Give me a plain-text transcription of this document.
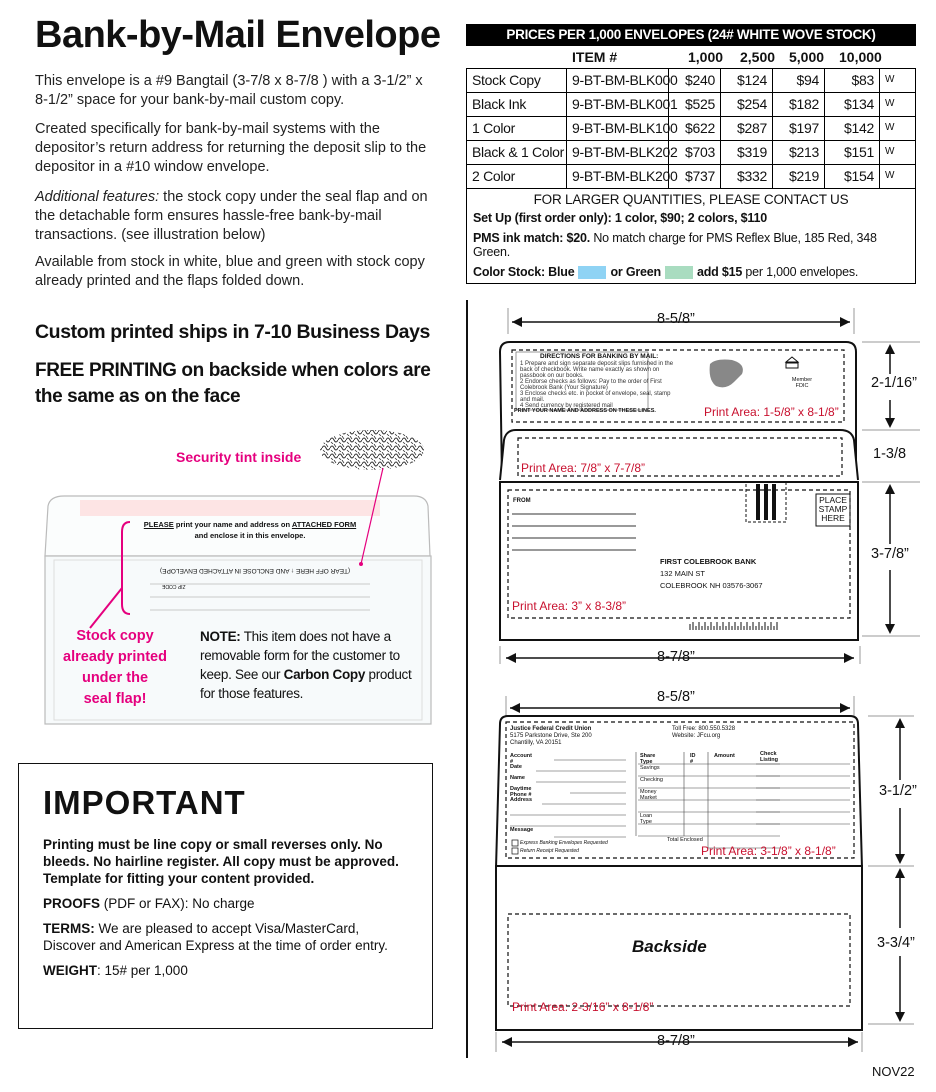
Bank-by-Mail Envelope
This envelope is a #9 Bangtail (3-7/8 x 8-7/8 ) with a 3-1/2” x 8-1/2” space for your bank-by-mail custom copy.
Created specifically for bank-by-mail systems with the depositor’s return address for returning the deposit slip to the depositor in a #10 window envelope.
Additional features: the stock copy under the seal flap and on the detachable form ensures hassle-free bank-by-mail transactions. (see illustration below)
Available from stock in white, blue and green with stock copy already printed and the flaps folded down.
Custom printed ships in 7-10 Business Days
FREE PRINTING on backside when colors are the same as on the face
Security tint inside
PLEASE print your name and address on ATTACHED FORM
and enclose it in this envelope.
(TEAR OFF HERE ↑ AND ENCLOSE IN ATTACHED ENVELOPE)
ZIP CODE
Stock copy
already printed
under the
seal flap!
NOTE: This item does not have a removable form for the customer to keep. See our Carbon Copy product for those features.
IMPORTANT

Printing must be line copy or small reverses only. No bleeds. No hairline register. All copy must be approved. Template for fitting your content provided.

PROOFS (PDF or FAX): No charge

TERMS: We are pleased to accept Visa/MasterCard, Discover and American Express at the time of order entry.

WEIGHT: 15# per 1,000

PRICES PER 1,000 ENVELOPES (24# WHITE WOVE STOCK)
ITEM #	1,000 2,500 5,000 10,000
Stock Copy	9-BT-BM-BLK000 $240	$124	$94	$83	W
Black Ink	9-BT-BM-BLK001 $525	$254	$182	$134	W
1 Color	9-BT-BM-BLK100 $622	$287	$197	$142	W
Black & 1 Color 9-BT-BM-BLK202 $703	$319	$213	$151	W
2 Color	9-BT-BM-BLK200 $737	$332	$219	$154	W
FOR LARGER QUANTITIES, PLEASE CONTACT US

Set Up (first order only): 1 color, $90; 2 colors, $110

PMS ink match: $20. No match charge for PMS Reflex Blue, 185 Red, 348 Green.

Color Stock: Blue	or Green	add $15 per 1,000 envelopes.

8-5/8”
8-7/8”
2-1/16”
1-3/8
3-7/8”
DIRECTIONS FOR BANKING BY MAIL:
1 Prepare and sign separate deposit slips furnished in the
back of checkbook. Write name exactly as shown on
passbook on our books.
2 Endorse checks as follows: Pay to the order of First
Colebrook Bank (Your Signature)
3 Enclose checks etc. in pocket of envelope, seal, stamp
and mail.
4 Send currency by registered mail
PRINT YOUR NAME AND ADDRESS ON THESE LINES.
Member FDIC
Print Area: 1-5/8” x 8-1/8”
Print Area: 7/8” x 7-7/8”
FROM	PLACE
STAMP
HERE
FIRST COLEBROOK BANK
132 MAIN ST
COLEBROOK NH 03576-3067
Print Area: 3” x 8-3/8”
8-5/8”
8-7/8”
3-1/2”
3-3/4”
Justice Federal Credit Union
5175 Parkstone Drive, Ste 200
Chantilly, VA 20151
Toll Free: 800.550.5328
Website: JFcu.org
Account #
Date
Name
Daytime Phone #
Address
Message
Share Type
ID #
Amount	Check Listing
Savings
Checking
Money Market
Loan Type
Total Enclosed
Express Banking Envelopes Requested
Return Receipt Requested	Print Area: 3-1/8” x 8-1/8”
Backside
Print Area: 2-3/16” x 8-1/8”
NOV22
